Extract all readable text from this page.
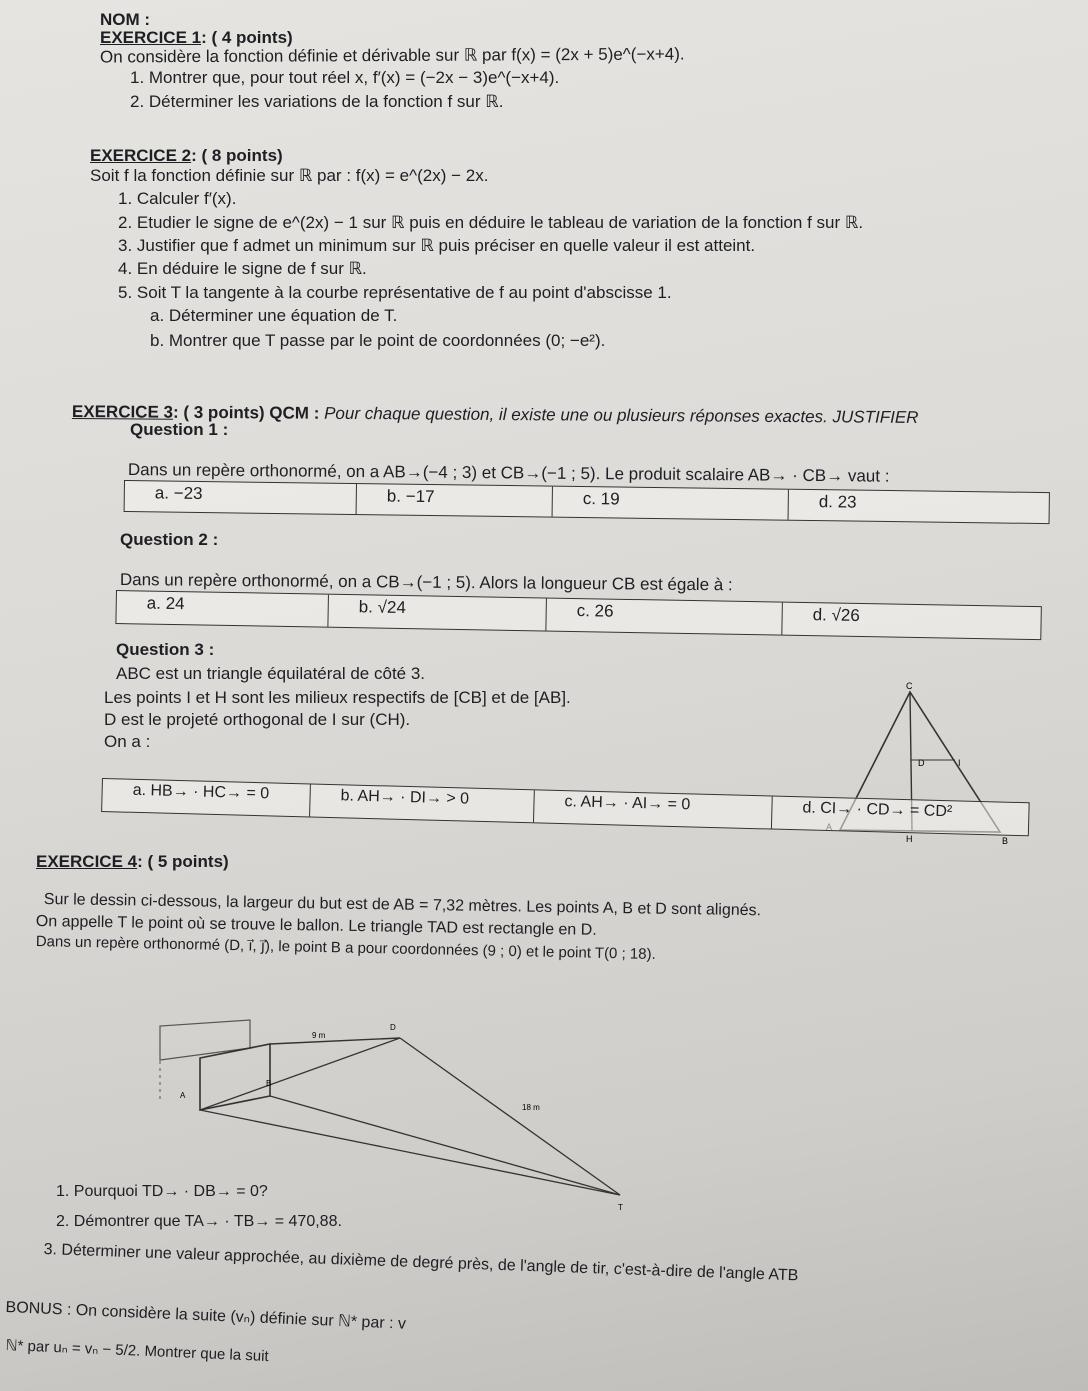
NOM :
EXERCICE 1: ( 4 points)
On considère la fonction définie et dérivable sur ℝ par f(x) = (2x + 5)e^(−x+4).
1. Montrer que, pour tout réel x, f′(x) = (−2x − 3)e^(−x+4).
2. Déterminer les variations de la fonction f sur ℝ.
EXERCICE 2: ( 8 points)
Soit f la fonction définie sur ℝ par : f(x) = e^(2x) − 2x.
1. Calculer f′(x).
2. Etudier le signe de e^(2x) − 1 sur ℝ puis en déduire le tableau de variation de la fonction f sur ℝ.
3. Justifier que f admet un minimum sur ℝ puis préciser en quelle valeur il est atteint.
4. En déduire le signe de f sur ℝ.
5. Soit T la tangente à la courbe représentative de f au point d'abscisse 1.
a. Déterminer une équation de T.
b. Montrer que T passe par le point de coordonnées (0; −e²).
EXERCICE 3: ( 3 points) QCM : Pour chaque question, il existe une ou plusieurs réponses exactes. JUSTIFIER
Question 1 :
Dans un repère orthonormé, on a AB→(−4 ; 3) et CB→(−1 ; 5). Le produit scalaire AB→ · CB→ vaut :
a. −23	b. −17	c. 19	d. 23
Question 2 :
Dans un repère orthonormé, on a CB→(−1 ; 5). Alors la longueur CB est égale à :
a. 24	b. √24	c. 26	d. √26
Question 3 :
ABC est un triangle équilatéral de côté 3.
Les points I et H sont les milieux respectifs de [CB] et de [AB].
D est le projeté orthogonal de I sur (CH).
On a :
C
D	I
H	B
a. HB→ · HC→ = 0	b. AH→ · DI→ > 0	c. AH→ · AI→ = 0	d. CI→ · CD→ = CD²
EXERCICE 4: ( 5 points)
Sur le dessin ci-dessous, la largeur du but est de AB = 7,32 mètres. Les points A, B et D sont alignés.
On appelle T le point où se trouve le ballon. Le triangle TAD est rectangle en D.
Dans un repère orthonormé (D, i⃗, j⃗), le point B a pour coordonnées (9 ; 0) et le point T(0 ; 18).
9 m
D
B
A
18 m
T
1. Pourquoi TD→ · DB→ = 0?
2. Démontrer que TA→ · TB→ = 470,88.
3. Déterminer une valeur approchée, au dixième de degré près, de l'angle de tir, c'est-à-dire de l'angle ATB
BONUS : On considère la suite (vₙ) définie sur ℕ* par : v
ℕ* par uₙ = vₙ − 5/2. Montrer que la suit
